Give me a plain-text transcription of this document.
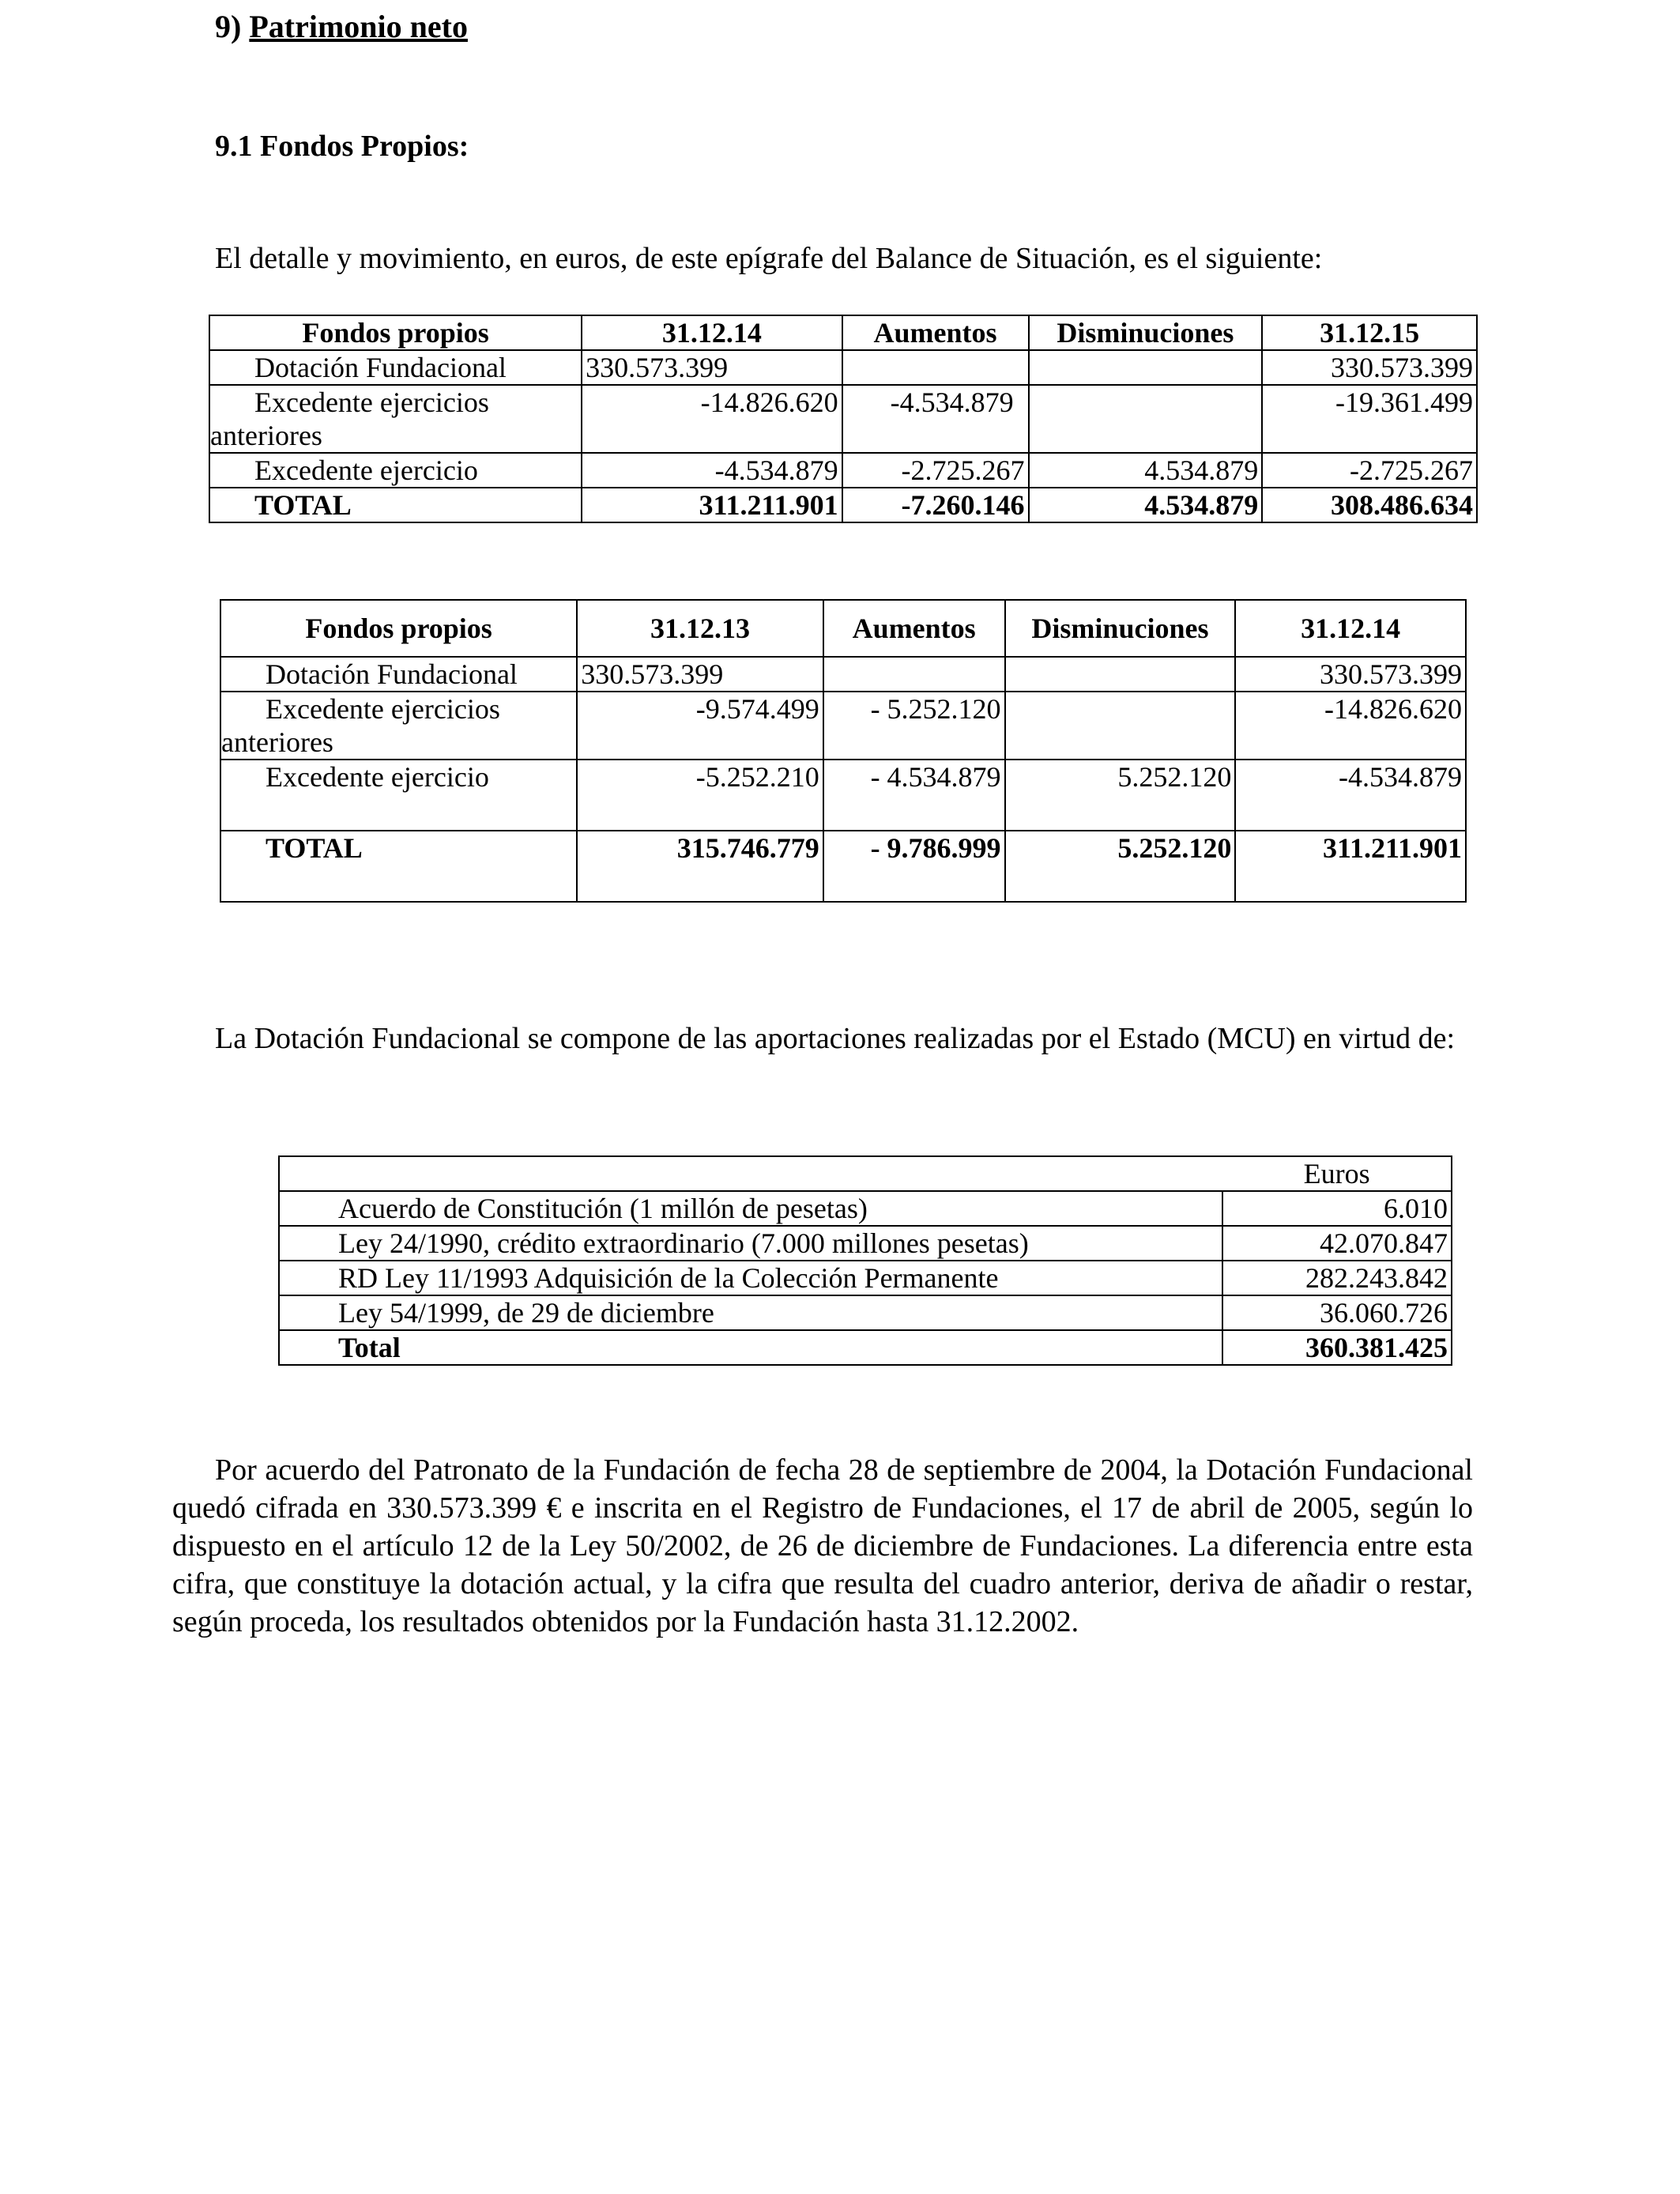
9) Patrimonio neto
9.1 Fondos Propios:
El detalle y movimiento, en euros, de este epígrafe del Balance de Situación, es el siguiente:
Fondos propios	31.12.14	Aumentos	Disminuciones	31.12.15
Dotación Fundacional	330.573.399			330.573.399

Excedente ejercicios
anteriores	-14.826.620	-4.534.879		-19.361.499
Excedente ejercicio	-4.534.879	-2.725.267	4.534.879	-2.725.267
TOTAL	311.211.901	-7.260.146	4.534.879	308.486.634
Fondos propios	31.12.13	Aumentos	Disminuciones	31.12.14
Dotación Fundacional	330.573.399			330.573.399

Excedente ejercicios
anteriores	-9.574.499	- 5.252.120		-14.826.620
Excedente ejercicio	-5.252.210	- 4.534.879	5.252.120	-4.534.879
TOTAL	315.746.779	- 9.786.999	5.252.120	311.211.901
La Dotación Fundacional se compone de las aportaciones realizadas por el Estado (MCU) en virtud de:
	Euros
Acuerdo de Constitución (1 millón de pesetas)	6.010
Ley 24/1990, crédito extraordinario (7.000 millones pesetas)	42.070.847
RD Ley 11/1993 Adquisición de la Colección Permanente	282.243.842
Ley 54/1999, de 29 de diciembre	36.060.726
Total	360.381.425
Por acuerdo del Patronato de la Fundación de fecha 28 de septiembre de 2004, la Dotación Fundacional quedó cifrada en 330.573.399 € e inscrita en el Registro de Fundaciones, el 17 de abril de 2005, según lo dispuesto en el artículo 12 de la Ley 50/2002, de 26 de diciembre de Fundaciones. La diferencia entre esta cifra, que constituye la dotación actual, y la cifra que resulta del cuadro anterior, deriva de añadir o restar, según proceda, los resultados obtenidos por la Fundación hasta 31.12.2002.
